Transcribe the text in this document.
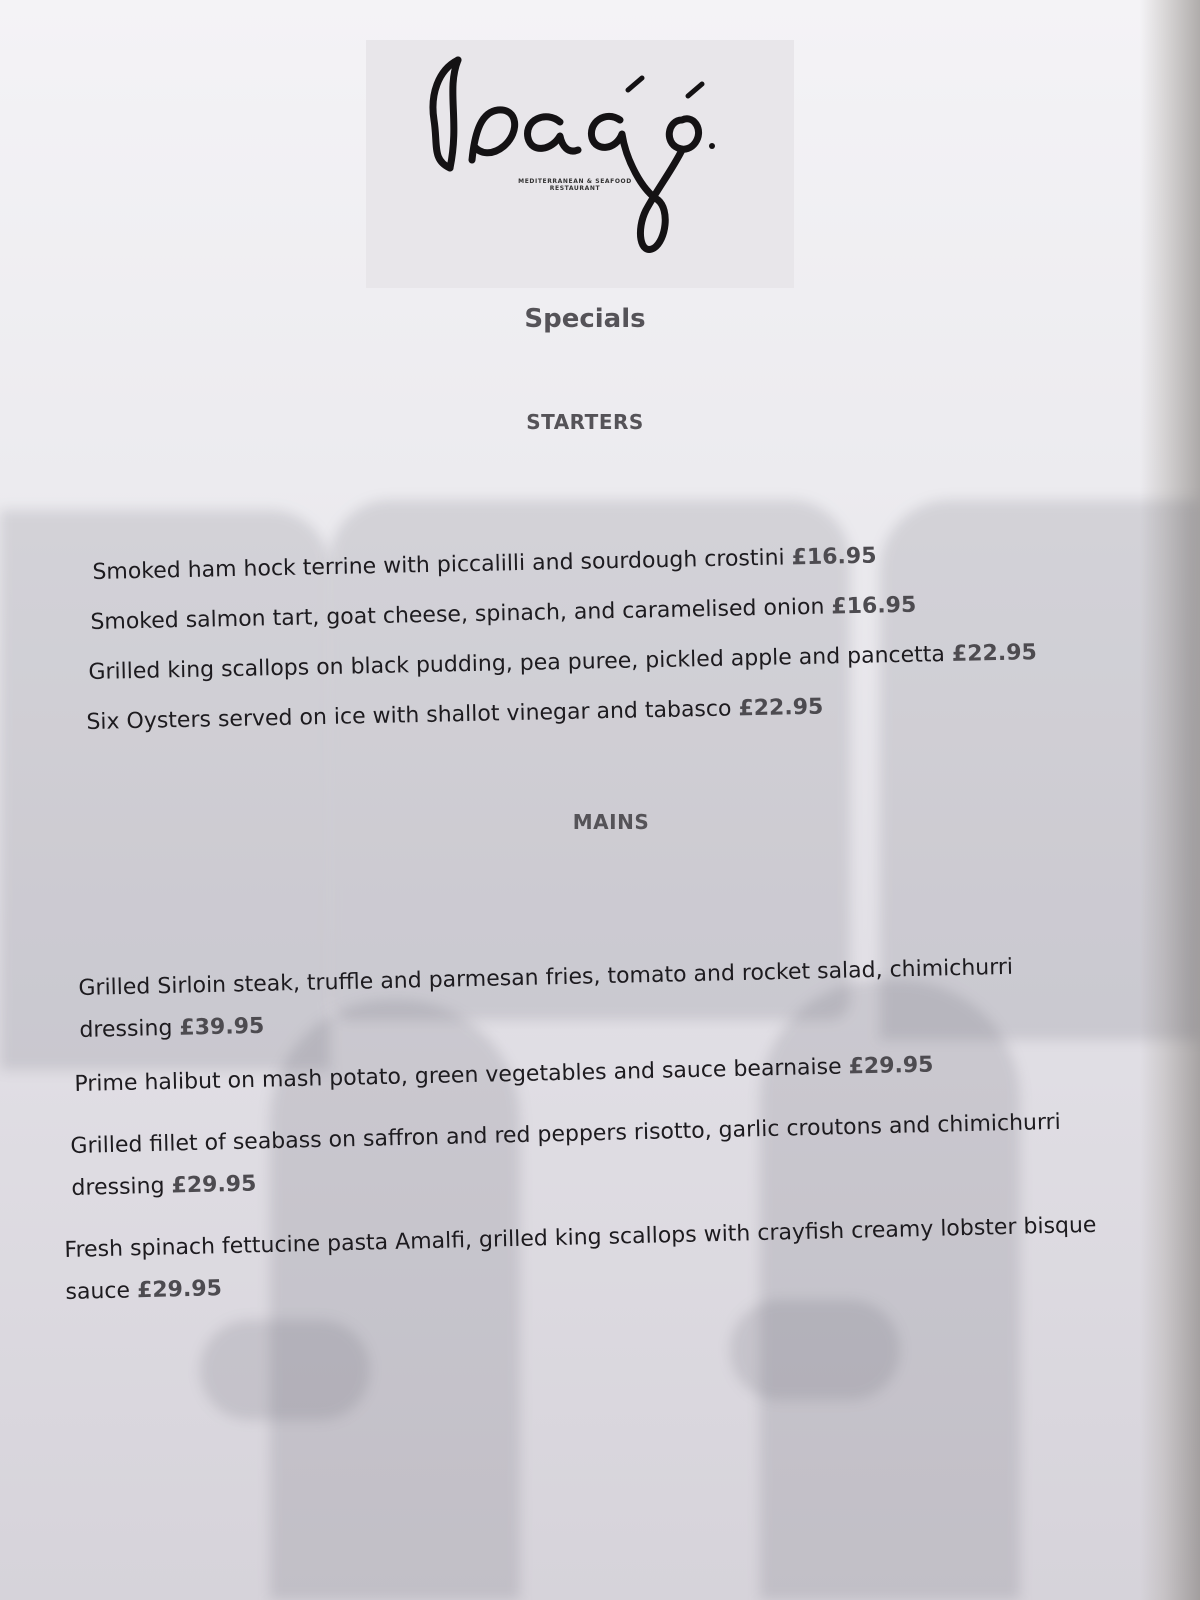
MEDITERRANEAN & SEAFOOD
RESTAURANT
Specials
STARTERS
Smoked ham hock terrine with piccalilli and sourdough crostini £16.95
Smoked salmon tart, goat cheese, spinach, and caramelised onion £16.95
Grilled king scallops on black pudding, pea puree, pickled apple and pancetta £22.95
Six Oysters served on ice with shallot vinegar and tabasco £22.95
MAINS
Grilled Sirloin steak, truffle and parmesan fries, tomato and rocket salad, chimichurri dressing £39.95
Prime halibut on mash potato, green vegetables and sauce bearnaise £29.95
Grilled fillet of seabass on saffron and red peppers risotto, garlic croutons and chimichurri dressing £29.95
Fresh spinach fettucine pasta Amalfi, grilled king scallops with crayfish creamy lobster bisque sauce £29.95
